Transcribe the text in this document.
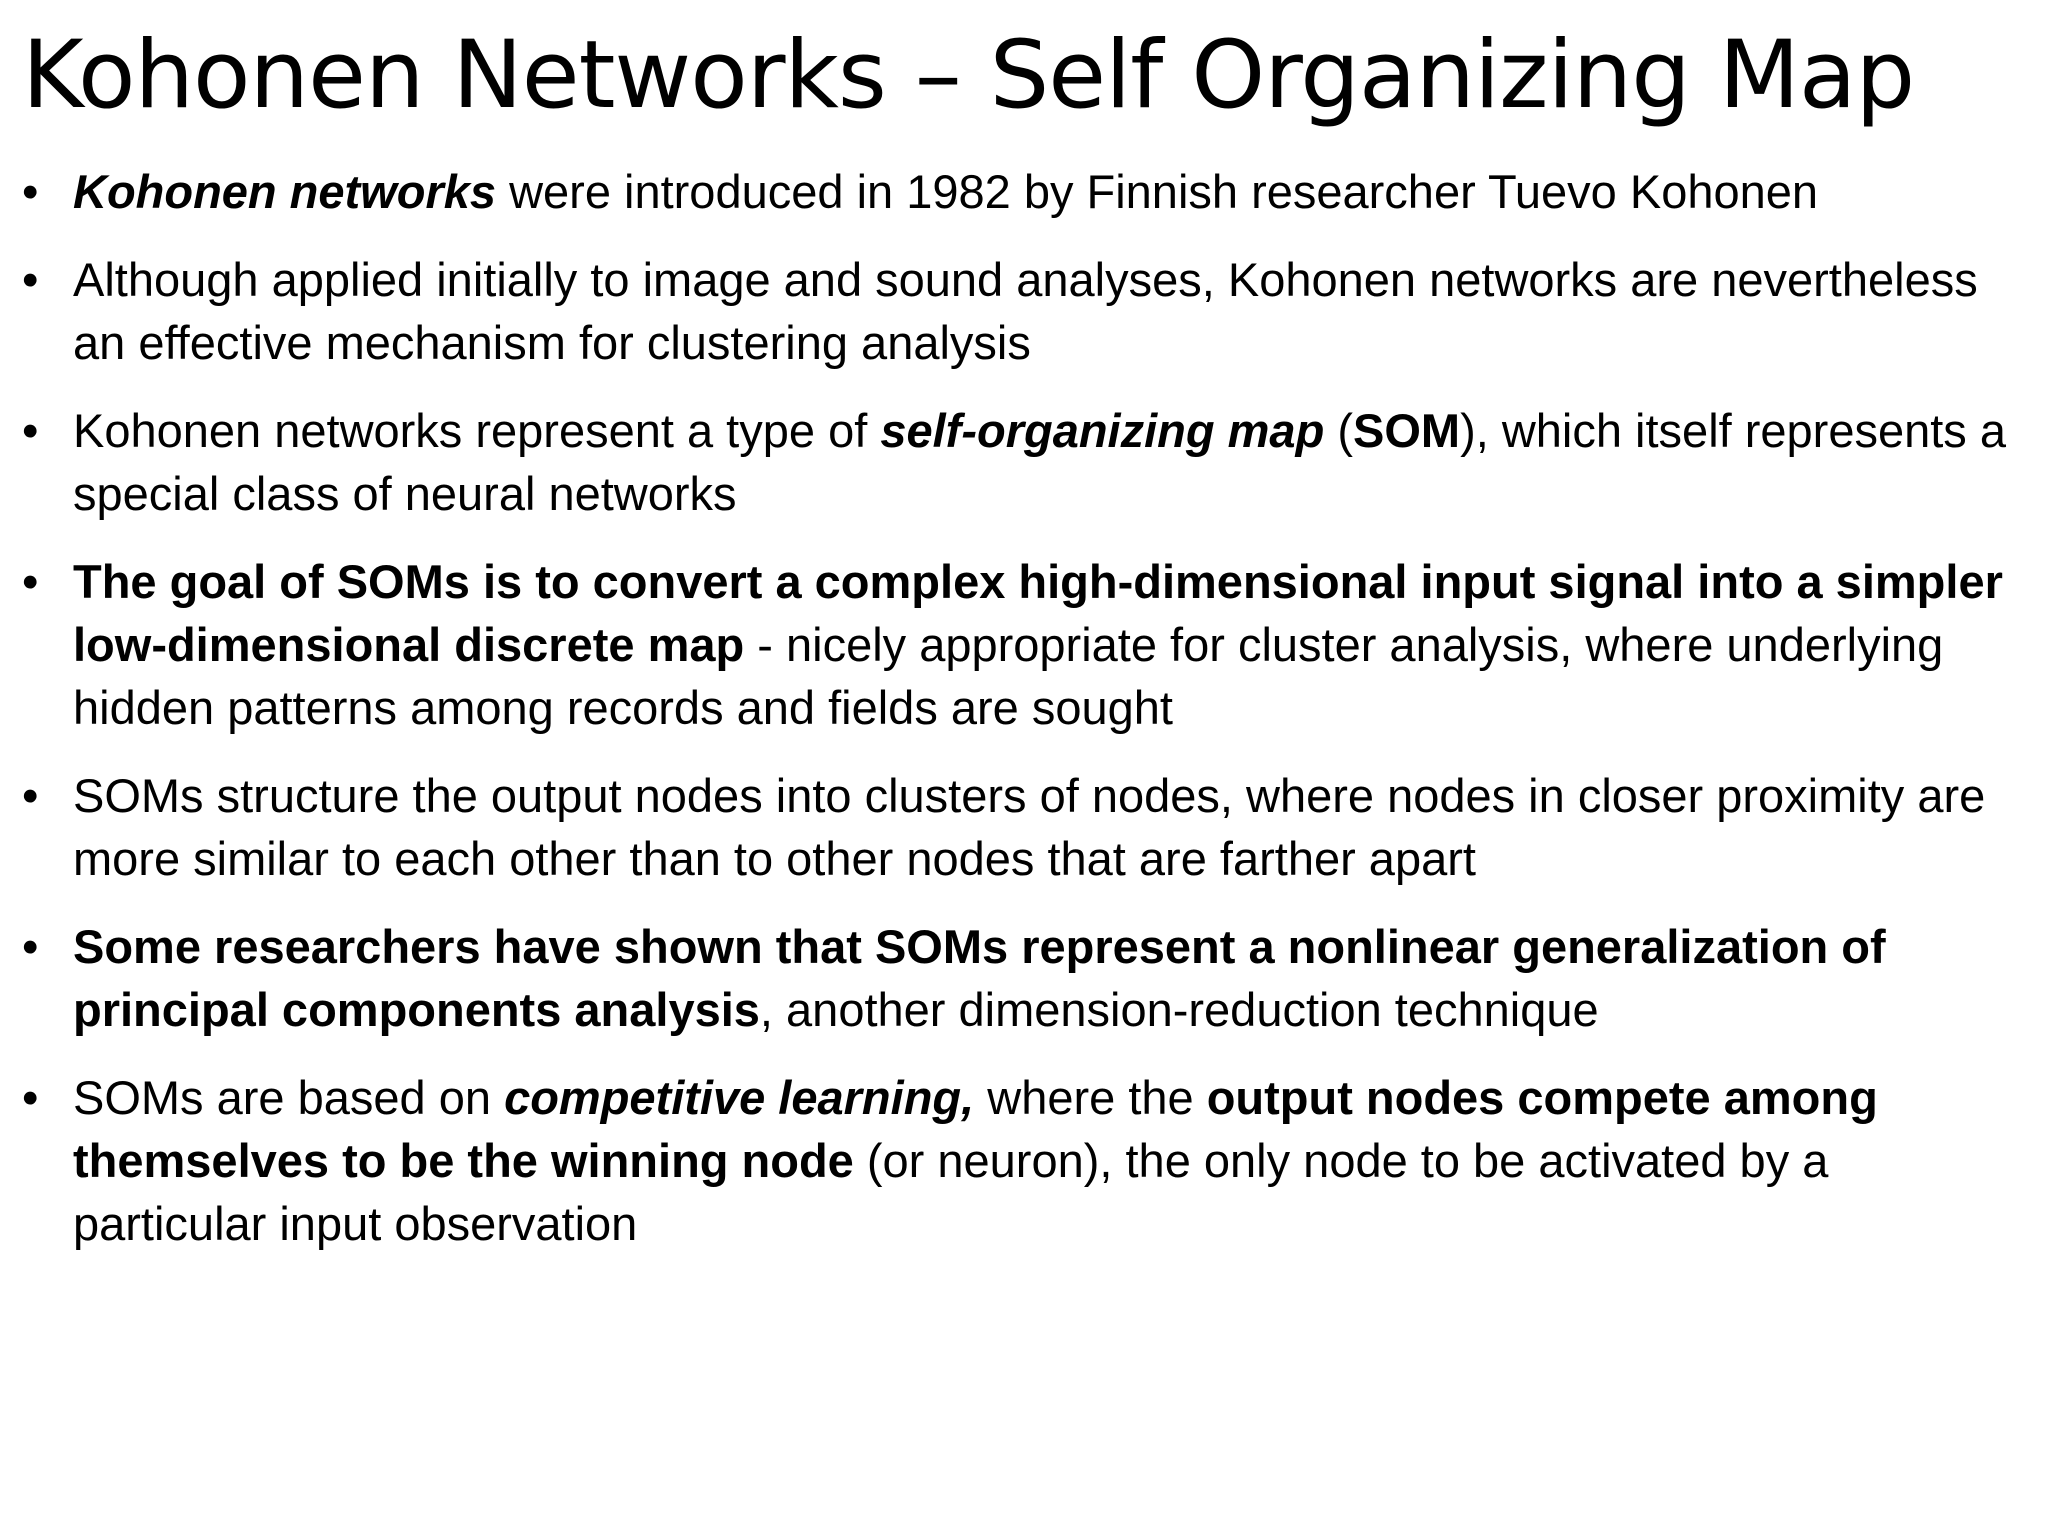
Kohonen Networks – Self Organizing Map
• Kohonen networks were introduced in 1982 by Finnish researcher Tuevo Kohonen
• Although applied initially to image and sound analyses, Kohonen networks are nevertheless an effective mechanism for clustering analysis
• Kohonen networks represent a type of self-organizing map (SOM), which itself represents a special class of neural networks
• The goal of SOMs is to convert a complex high-dimensional input signal into a simpler low-dimensional discrete map - nicely appropriate for cluster analysis, where underlying hidden patterns among records and fields are sought
• SOMs structure the output nodes into clusters of nodes, where nodes in closer proximity are more similar to each other than to other nodes that are farther apart
• Some researchers have shown that SOMs represent a nonlinear generalization of principal components analysis, another dimension-reduction technique
• SOMs are based on competitive learning, where the output nodes compete among themselves to be the winning node (or neuron), the only node to be activated by a particular input observation
